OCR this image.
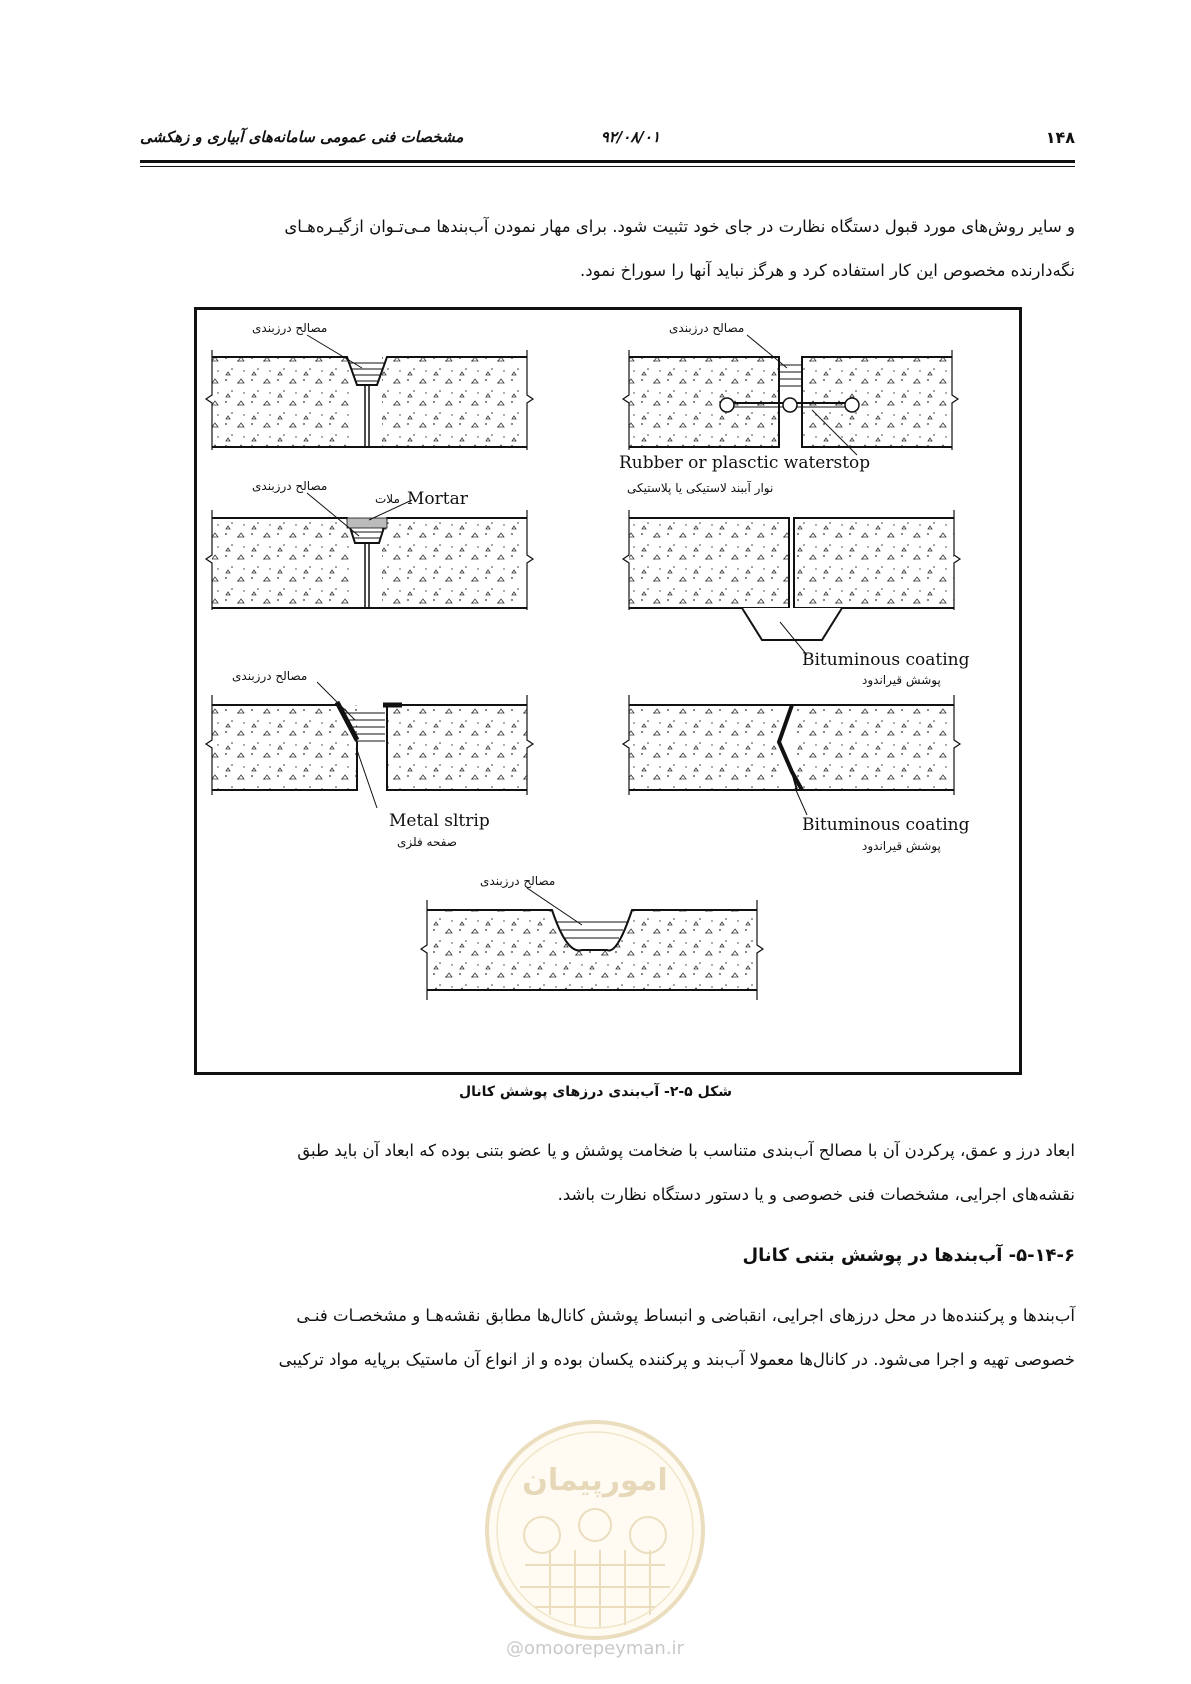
۱۴۸
۹۲/۰۸/۰۱
مشخصات فنی عمومی سامانه‌های آبیاری و زهکشی
و سایر روش‌های مورد قبول دستگاه نظارت در جای خود تثبیت شود. برای مهار نمودن آب‌بندها مـی‌تـوان ازگیـره‌هـای
نگه‌دارنده مخصوص این کار استفاده کرد و هرگز نباید آنها را سوراخ نمود.
مصالح درزبندی	مصالح درزبندی
Rubber or plasctic waterstop
نوار آببند لاستیکی یا پلاستیکی
مصالح درزبندی
ملات Mortar
Bituminous coating
پوشش قیراندود
مصالح درزبندی
Metal sltrip
صفحه فلزی
Bituminous coating
پوشش قیراندود
مصالح درزبندی
شکل ۵-۲- آب‌بندی درزهای پوشش کانال
ابعاد درز و عمق، پرکردن آن با مصالح آب‌بندی متناسب با ضخامت پوشش و یا عضو بتنی بوده که ابعاد آن باید طبق
نقشه‌های اجرایی، مشخصات فنی خصوصی و یا دستور دستگاه نظارت باشد.
۵-۱۴-۶- آب‌بندها در پوشش بتنی کانال
آب‌بندها و پرکننده‌ها در محل درزهای اجرایی، انقباضی و انبساط پوشش کانال‌ها مطابق نقشه‌هـا و مشخصـات فنـی
خصوصی تهیه و اجرا می‌شود. در کانال‌ها معمولا آب‌بند و پرکننده یکسان بوده و از انواع آن ماستیک برپایه مواد ترکیبی
امورپیمان
@omoorepeyman.ir
